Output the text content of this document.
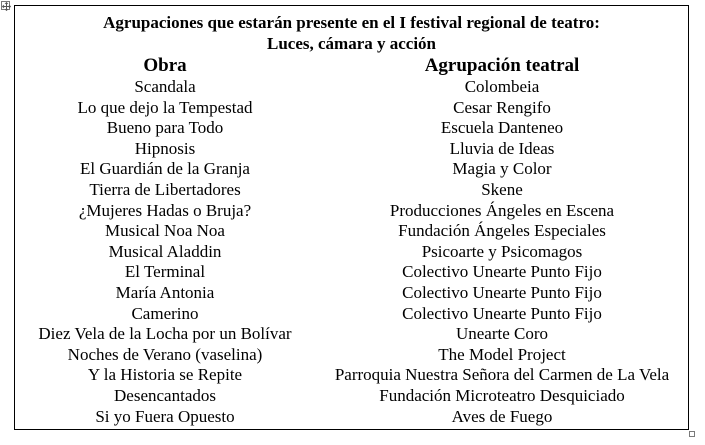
Agrupaciones que estarán presente en el I festival regional de teatro:
Luces, cámara y acción
Obra
Scandala
Lo que dejo la Tempestad
Bueno para Todo
Hipnosis
El Guardián de la Granja
Tierra de Libertadores
¿Mujeres Hadas o Bruja?
Musical Noa Noa
Musical Aladdin
El Terminal
María Antonia
Camerino
Diez Vela de la Locha por un Bolívar
Noches de Verano (vaselina)
Y la Historia se Repite
Desencantados
Si yo Fuera Opuesto
Agrupación teatral
Colombeia
Cesar Rengifo
Escuela Danteneo
Lluvia de Ideas
Magia y Color
Skene
Producciones Ángeles en Escena
Fundación Ángeles Especiales
Psicoarte y Psicomagos
Colectivo Unearte Punto Fijo
Colectivo Unearte Punto Fijo
Colectivo Unearte Punto Fijo
Unearte Coro
The Model Project
Parroquia Nuestra Señora del Carmen de La Vela
Fundación Microteatro Desquiciado
Aves de Fuego
